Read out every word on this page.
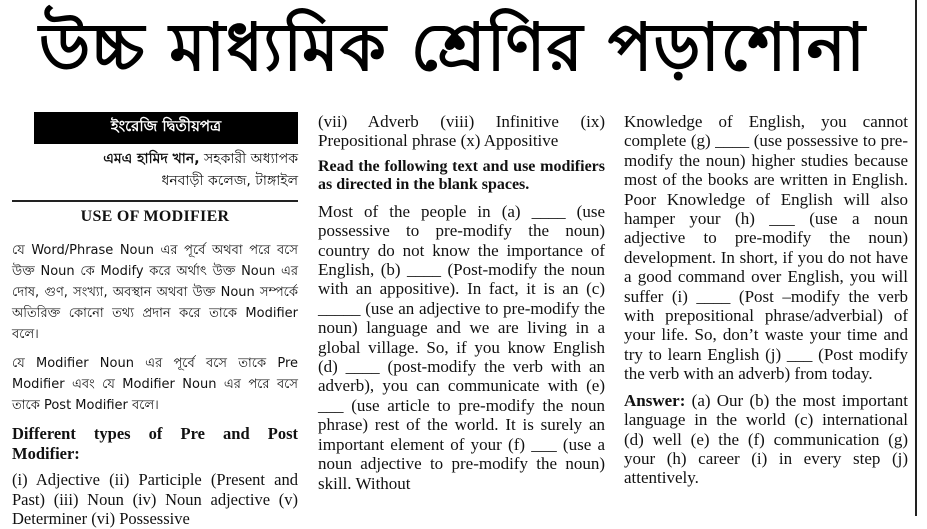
উচ্চ মাধ্যমিক শ্রেণির পড়াশোনা
ইংরেজি দ্বিতীয়পত্র

এমএ হামিদ খান, সহকারী অধ্যাপক

ধনবাড়ী কলেজ, টাঙ্গাইল

USE OF MODIFIER

যে Word/Phrase Noun এর পূর্বে অথবা পরে বসে উক্ত Noun কে Modify করে অর্থাৎ উক্ত Noun এর দোষ, গুণ, সংখ্যা, অবস্থান অথবা উক্ত Noun সম্পর্কে অতিরিক্ত কোনো তথ্য প্রদান করে তাকে Modifier বলে।

যে Modifier Noun এর পূর্বে বসে তাকে Pre Modifier এবং যে Modifier Noun এর পরে বসে তাকে Post Modifier বলে।

Different types of Pre and Post Modifier:

(i) Adjective (ii) Participle (Present and Past) (iii) Noun (iv) Noun adjective (v) Determiner (vi) Possessive

(vii) Adverb (viii) Infinitive (ix) Prepositional phrase (x) Appositive

Read the following text and use modifiers as directed in the blank spaces.

Most of the people in (a) ____ (use possessive to pre-modify the noun) country do not know the importance of English, (b) ____ (Post-modify the noun with an appositive). In fact, it is an (c) _____ (use an adjective to pre-modify the noun) language and we are living in a global village. So, if you know English (d) ____ (post-modify the verb with an adverb), you can communicate with (e) ___ (use article to pre-modify the noun phrase) rest of the world. It is surely an important element of your (f) ___ (use a noun adjective to pre-modify the noun) skill. Without

Knowledge of English, you cannot complete (g) ____ (use possessive to pre-modify the noun) higher studies because most of the books are written in English. Poor Knowledge of English will also hamper your (h) ___ (use a noun adjective to pre-modify the noun) development. In short, if you do not have a good command over English, you will suffer (i) ____ (Post –modify the verb with prepositional phrase/adverbial) of your life. So, don’t waste your time and try to learn English (j) ___ (Post modify the verb with an adverb) from today.

Answer: (a) Our (b) the most important language in the world (c) international (d) well (e) the (f) communication (g) your (h) career (i) in every step (j) attentively.
